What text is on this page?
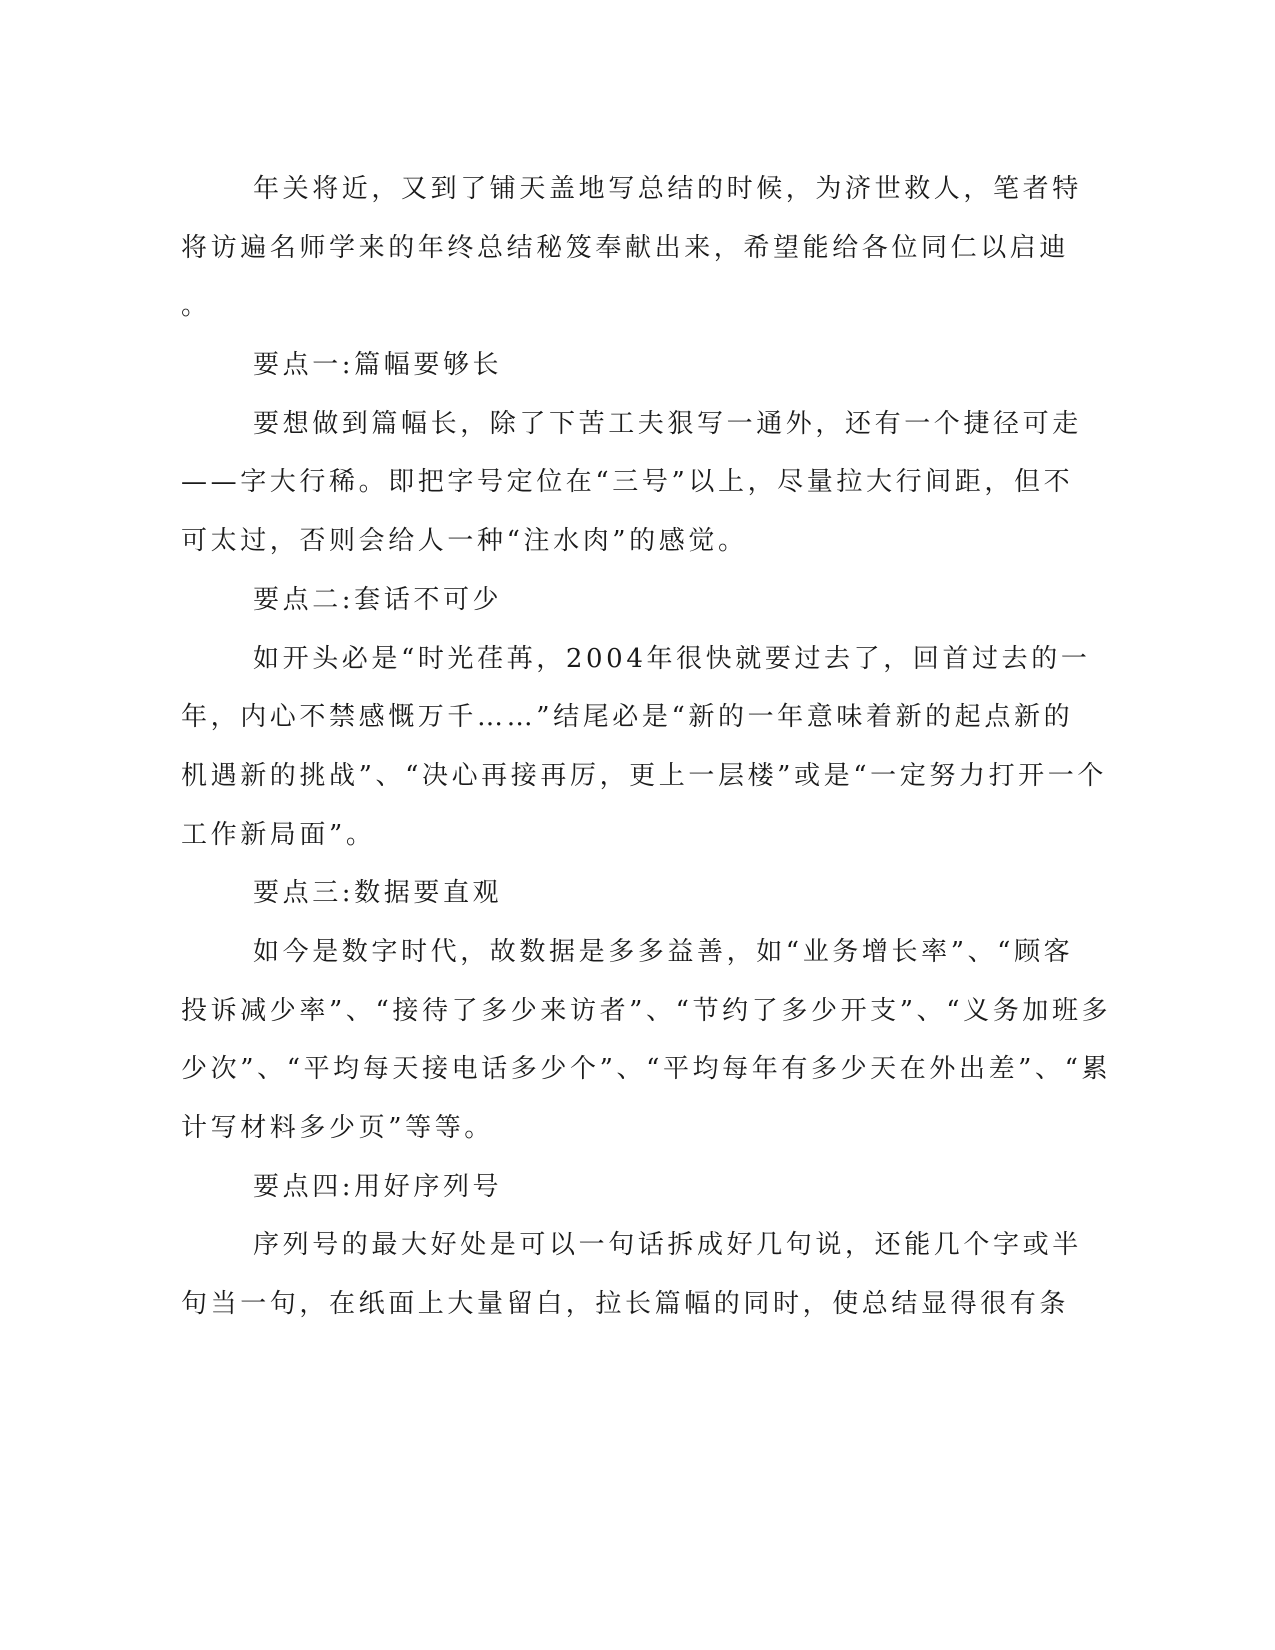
年关将近，又到了铺天盖地写总结的时候，为济世救人，笔者特
将访遍名师学来的年终总结秘笈奉献出来，希望能给各位同仁以启迪
。
要点一:篇幅要够长
要想做到篇幅长，除了下苦工夫狠写一通外，还有一个捷径可走
——字大行稀。即把字号定位在“三号”以上，尽量拉大行间距，但不
可太过，否则会给人一种“注水肉”的感觉。
要点二:套话不可少
如开头必是“时光荏苒，2004年很快就要过去了，回首过去的一
年，内心不禁感慨万千……”结尾必是“新的一年意味着新的起点新的
机遇新的挑战”、“决心再接再厉，更上一层楼”或是“一定努力打开一个
工作新局面”。
要点三:数据要直观
如今是数字时代，故数据是多多益善，如“业务增长率”、“顾客
投诉减少率”、“接待了多少来访者”、“节约了多少开支”、“义务加班多
少次”、“平均每天接电话多少个”、“平均每年有多少天在外出差”、“累
计写材料多少页”等等。
要点四:用好序列号
序列号的最大好处是可以一句话拆成好几句说，还能几个字或半
句当一句，在纸面上大量留白，拉长篇幅的同时，使总结显得很有条
